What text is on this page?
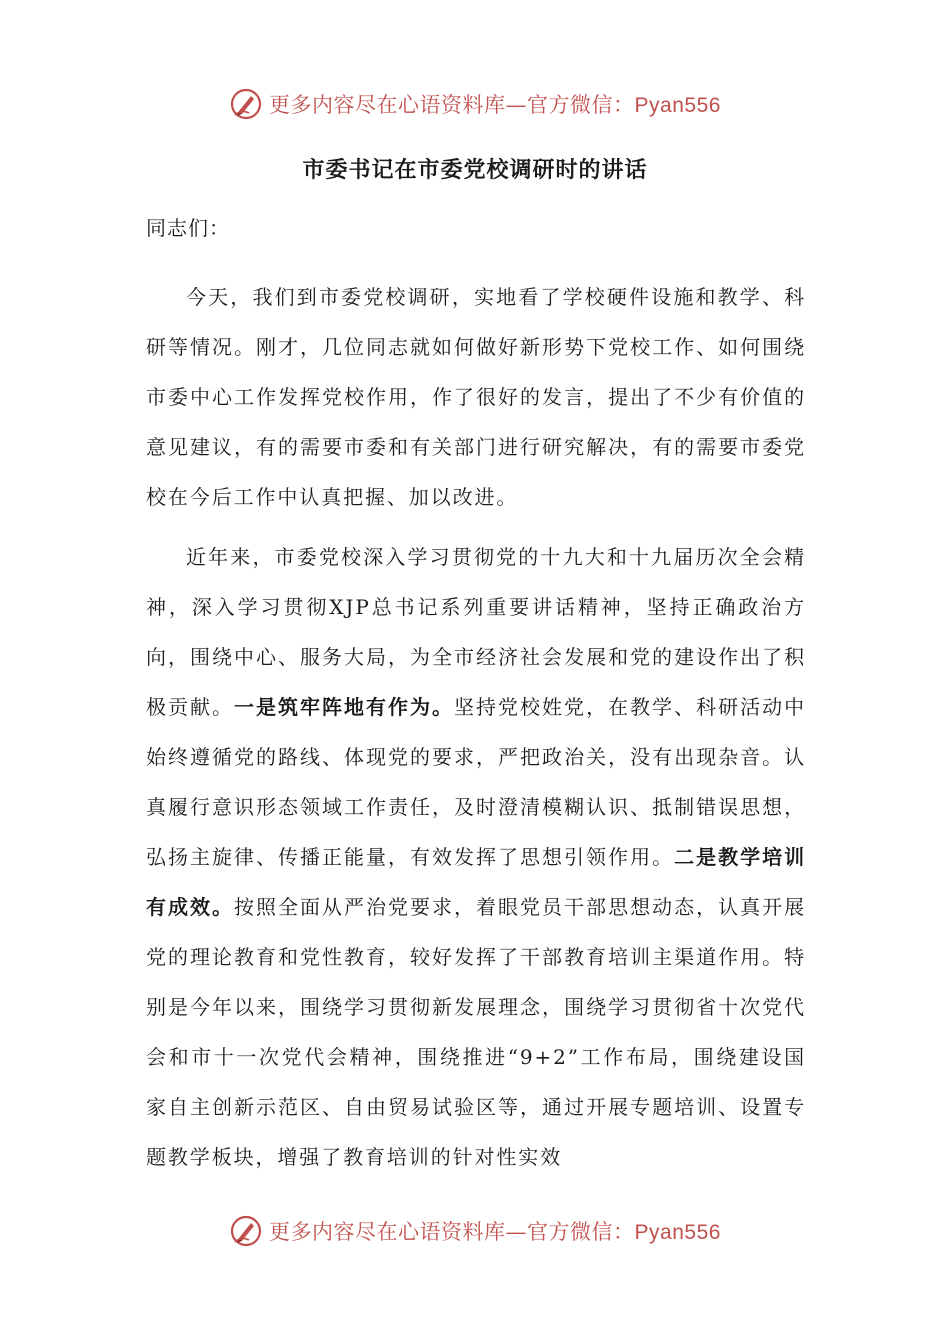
更多内容尽在心语资料库—官方微信：Pyan556
市委书记在市委党校调研时的讲话

同志们：

今天，我们到市委党校调研，实地看了学校硬件设施和教学、科研等情况。刚才，几位同志就如何做好新形势下党校工作、如何围绕市委中心工作发挥党校作用，作了很好的发言，提出了不少有价值的意见建议，有的需要市委和有关部门进行研究解决，有的需要市委党校在今后工作中认真把握、加以改进。

近年来，市委党校深入学习贯彻党的十九大和十九届历次全会精神，深入学习贯彻XJP总书记系列重要讲话精神，坚持正确政治方向，围绕中心、服务大局，为全市经济社会发展和党的建设作出了积极贡献。一是筑牢阵地有作为。坚持党校姓党，在教学、科研活动中始终遵循党的路线、体现党的要求，严把政治关，没有出现杂音。认真履行意识形态领域工作责任，及时澄清模糊认识、抵制错误思想，弘扬主旋律、传播正能量，有效发挥了思想引领作用。二是教学培训有成效。按照全面从严治党要求，着眼党员干部思想动态，认真开展党的理论教育和党性教育，较好发挥了干部教育培训主渠道作用。特别是今年以来，围绕学习贯彻新发展理念，围绕学习贯彻省十次党代会和市十一次党代会精神，围绕推进“9+2”工作布局，围绕建设国家自主创新示范区、自由贸易试验区等，通过开展专题培训、设置专题教学板块，增强了教育培训的针对性实效

更多内容尽在心语资料库—官方微信：Pyan556
